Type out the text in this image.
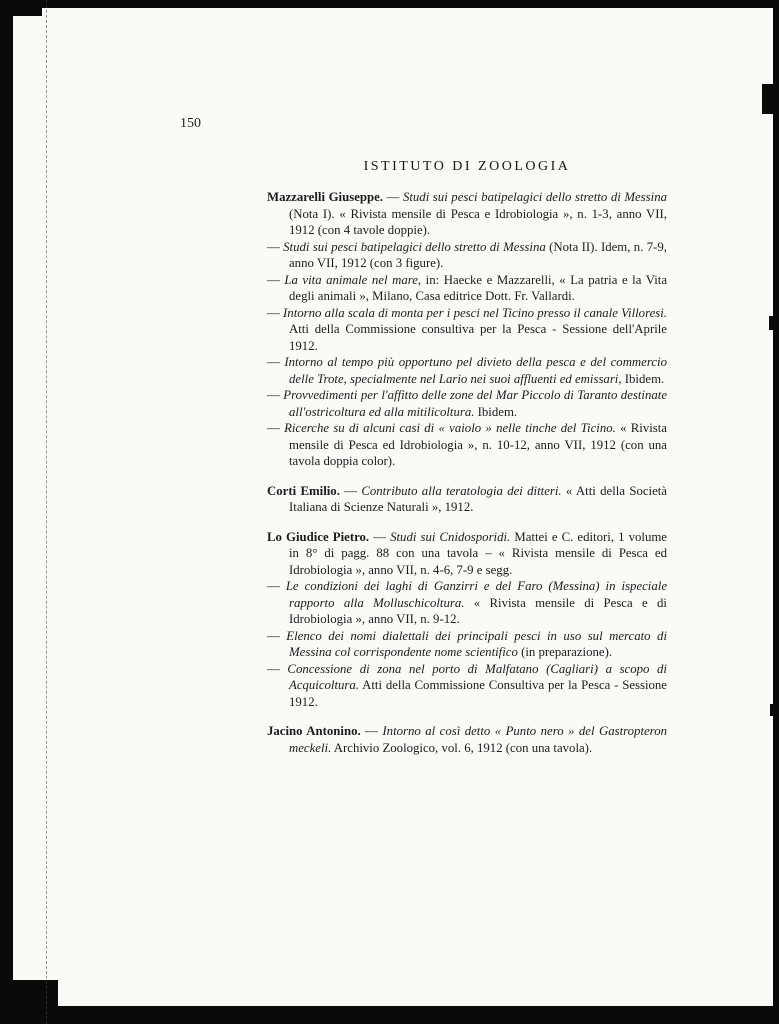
150
ISTITUTO DI ZOOLOGIA

Mazzarelli Giuseppe. — Studi sui pesci batipelagici dello stretto di Messina (Nota I). « Rivista mensile di Pesca e Idrobiologia », n. 1-3, anno VII, 1912 (con 4 tavole doppie).

— Studi sui pesci batipelagici dello stretto di Messina (Nota II). Idem, n. 7-9, anno VII, 1912 (con 3 figure).

— La vita animale nel mare, in: Haecke e Mazzarelli, « La patria e la Vita degli animali », Milano, Casa editrice Dott. Fr. Vallardi.

— Intorno alla scala di monta per i pesci nel Ticino presso il canale Villoresi. Atti della Commissione consultiva per la Pesca - Sessione dell'Aprile 1912.

— Intorno al tempo più opportuno pel divieto della pesca e del commercio delle Trote, specialmente nel Lario nei suoi affluenti ed emissari, Ibidem.

— Provvedimenti per l'affitto delle zone del Mar Piccolo di Taranto destinate all'ostricoltura ed alla mitilicoltura. Ibidem.

— Ricerche su di alcuni casi di « vaiolo » nelle tinche del Ticino. « Rivista mensile di Pesca ed Idrobiologia », n. 10-12, anno VII, 1912 (con una tavola doppia color).

Corti Emilio. — Contributo alla teratologia dei ditteri. « Atti della Società Italiana di Scienze Naturali », 1912.

Lo Giudice Pietro. — Studi sui Cnidosporidi. Mattei e C. editori, 1 volume in 8° di pagg. 88 con una tavola – « Rivista mensile di Pesca ed Idrobiologia », anno VII, n. 4-6, 7-9 e segg.

— Le condizioni dei laghi di Ganzirri e del Faro (Messina) in ispeciale rapporto alla Molluschicoltura. « Rivista mensile di Pesca e di Idrobiologia », anno VII, n. 9-12.

— Elenco dei nomi dialettali dei principali pesci in uso sul mercato di Messina col corrispondente nome scientifico (in preparazione).

— Concessione di zona nel porto di Malfatano (Cagliari) a scopo di Acquicoltura. Atti della Commissione Consultiva per la Pesca - Sessione 1912.

Jacino Antonino. — Intorno al così detto « Punto nero » del Gastropteron meckeli. Archivio Zoologico, vol. 6, 1912 (con una tavola).
